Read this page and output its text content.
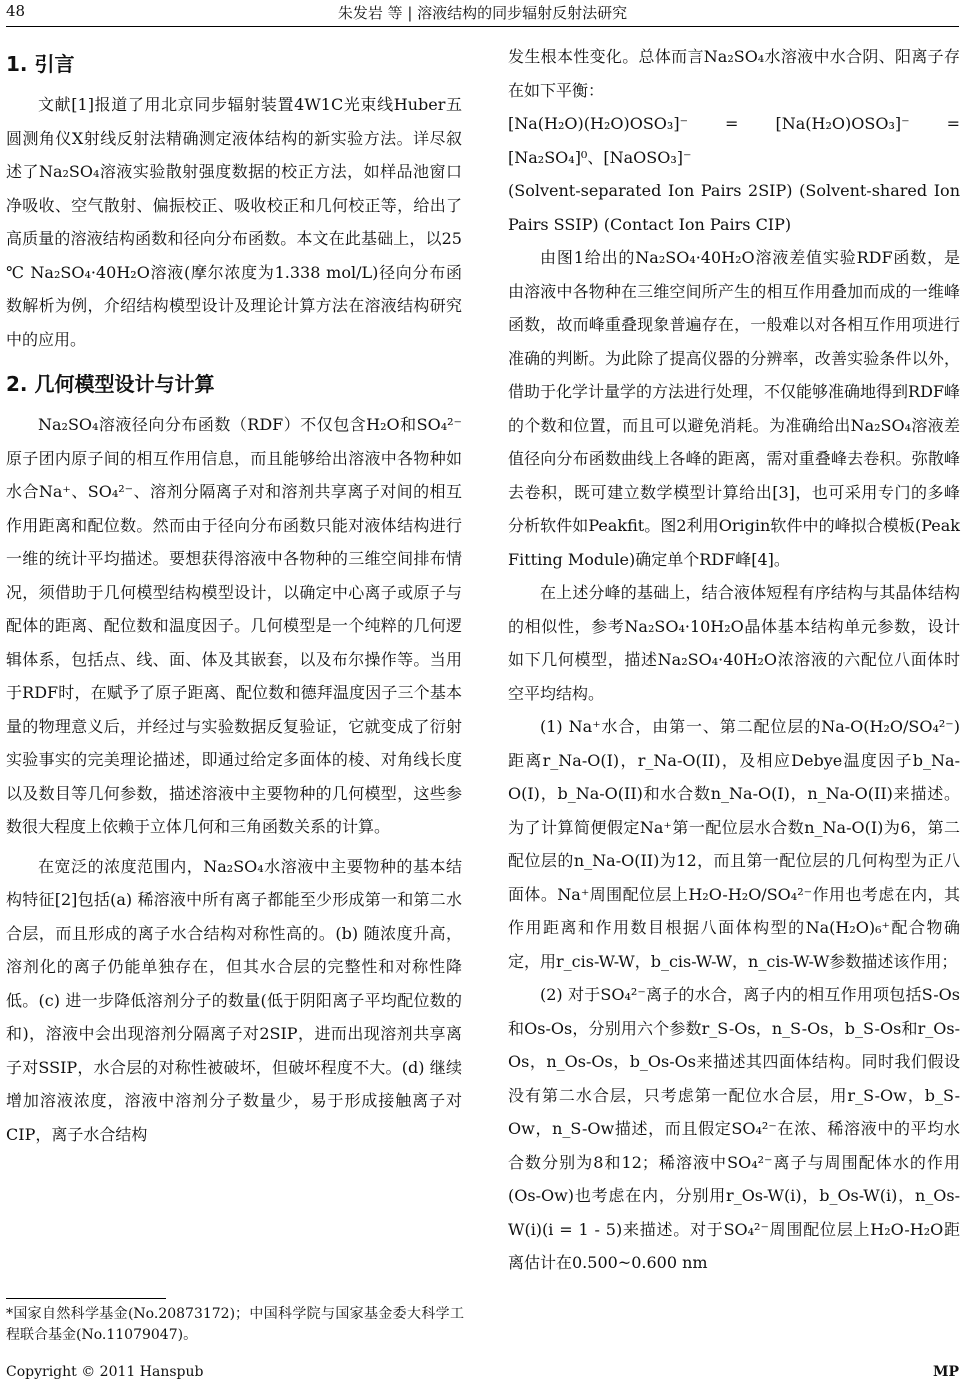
48	朱发岩 等 | 溶液结构的同步辐射反射法研究
1. 引言

文献[1]报道了用北京同步辐射装置4W1C光束线Huber五圆测角仪X射线反射法精确测定液体结构的新实验方法。详尽叙述了Na₂SO₄溶液实验散射强度数据的校正方法，如样品池窗口净吸收、空气散射、偏振校正、吸收校正和几何校正等，给出了高质量的溶液结构函数和径向分布函数。本文在此基础上，以25 ℃ Na₂SO₄·40H₂O溶液(摩尔浓度为1.338 mol/L)径向分布函数解析为例，介绍结构模型设计及理论计算方法在溶液结构研究中的应用。

2. 几何模型设计与计算

Na₂SO₄溶液径向分布函数（RDF）不仅包含H₂O和SO₄²⁻原子团内原子间的相互作用信息，而且能够给出溶液中各物种如水合Na⁺、SO₄²⁻、溶剂分隔离子对和溶剂共享离子对间的相互作用距离和配位数。然而由于径向分布函数只能对液体结构进行一维的统计平均描述。要想获得溶液中各物种的三维空间排布情况，须借助于几何模型结构模型设计，以确定中心离子或原子与配体的距离、配位数和温度因子。几何模型是一个纯粹的几何逻辑体系，包括点、线、面、体及其嵌套，以及布尔操作等。当用于RDF时，在赋予了原子距离、配位数和德拜温度因子三个基本量的物理意义后，并经过与实验数据反复验证，它就变成了衍射实验事实的完美理论描述，即通过给定多面体的棱、对角线长度以及数目等几何参数，描述溶液中主要物种的几何模型，这些参数很大程度上依赖于立体几何和三角函数关系的计算。

在宽泛的浓度范围内，Na₂SO₄水溶液中主要物种的基本结构特征[2]包括(a) 稀溶液中所有离子都能至少形成第一和第二水合层，而且形成的离子水合结构对称性高的。(b) 随浓度升高，溶剂化的离子仍能单独存在，但其水合层的完整性和对称性降低。(c) 进一步降低溶剂分子的数量(低于阴阳离子平均配位数的和)，溶液中会出现溶剂分隔离子对2SIP，进而出现溶剂共享离子对SSIP，水合层的对称性被破坏，但破坏程度不大。(d) 继续增加溶液浓度，溶液中溶剂分子数量少，易于形成接触离子对 CIP，离子水合结构

发生根本性变化。总体而言Na₂SO₄水溶液中水合阴、阳离子存在如下平衡：

[Na(H₂O)(H₂O)OSO₃]⁻ = [Na(H₂O)OSO₃]⁻ = [Na₂SO₄]⁰、[NaOSO₃]⁻

(Solvent-separated Ion Pairs 2SIP) (Solvent-shared Ion Pairs SSIP) (Contact Ion Pairs CIP)

由图1给出的Na₂SO₄·40H₂O溶液差值实验RDF函数，是由溶液中各物种在三维空间所产生的相互作用叠加而成的一维峰函数，故而峰重叠现象普遍存在，一般难以对各相互作用项进行准确的判断。为此除了提高仪器的分辨率，改善实验条件以外，借助于化学计量学的方法进行处理，不仅能够准确地得到RDF峰的个数和位置，而且可以避免消耗。为准确给出Na₂SO₄溶液差值径向分布函数曲线上各峰的距离，需对重叠峰去卷积。弥散峰去卷积，既可建立数学模型计算给出[3]，也可采用专门的多峰分析软件如Peakfit。图2利用Origin软件中的峰拟合模板(Peak Fitting Module)确定单个RDF峰[4]。

在上述分峰的基础上，结合液体短程有序结构与其晶体结构的相似性，参考Na₂SO₄·10H₂O晶体基本结构单元参数，设计如下几何模型，描述Na₂SO₄·40H₂O浓溶液的六配位八面体时空平均结构。

(1) Na⁺水合，由第一、第二配位层的Na-O(H₂O/SO₄²⁻)距离r_Na-O(I)，r_Na-O(II)，及相应Debye温度因子b_Na-O(I)，b_Na-O(II)和水合数n_Na-O(I)，n_Na-O(II)来描述。为了计算简便假定Na⁺第一配位层水合数n_Na-O(I)为6，第二配位层的n_Na-O(II)为12，而且第一配位层的几何构型为正八面体。Na⁺周围配位层上H₂O-H₂O/SO₄²⁻作用也考虑在内，其作用距离和作用数目根据八面体构型的Na(H₂O)₆⁺配合物确定，用r_cis-W-W，b_cis-W-W，n_cis-W-W参数描述该作用；

(2) 对于SO₄²⁻离子的水合，离子内的相互作用项包括S-Os和Os-Os，分别用六个参数r_S-Os，n_S-Os，b_S-Os和r_Os-Os，n_Os-Os，b_Os-Os来描述其四面体结构。同时我们假设没有第二水合层，只考虑第一配位水合层，用r_S-Ow，b_S-Ow，n_S-Ow描述，而且假定SO₄²⁻在浓、稀溶液中的平均水合数分别为8和12；稀溶液中SO₄²⁻离子与周围配体水的作用(Os-Ow)也考虑在内，分别用r_Os-W(i)，b_Os-W(i)，n_Os-W(i)(i = 1 - 5)来描述。对于SO₄²⁻周围配位层上H₂O-H₂O距离估计在0.500~0.600 nm

*国家自然科学基金(No.20873172)；中国科学院与国家基金委大科学工程联合基金(No.11079047)。
Copyright © 2011 Hanspub	MP
